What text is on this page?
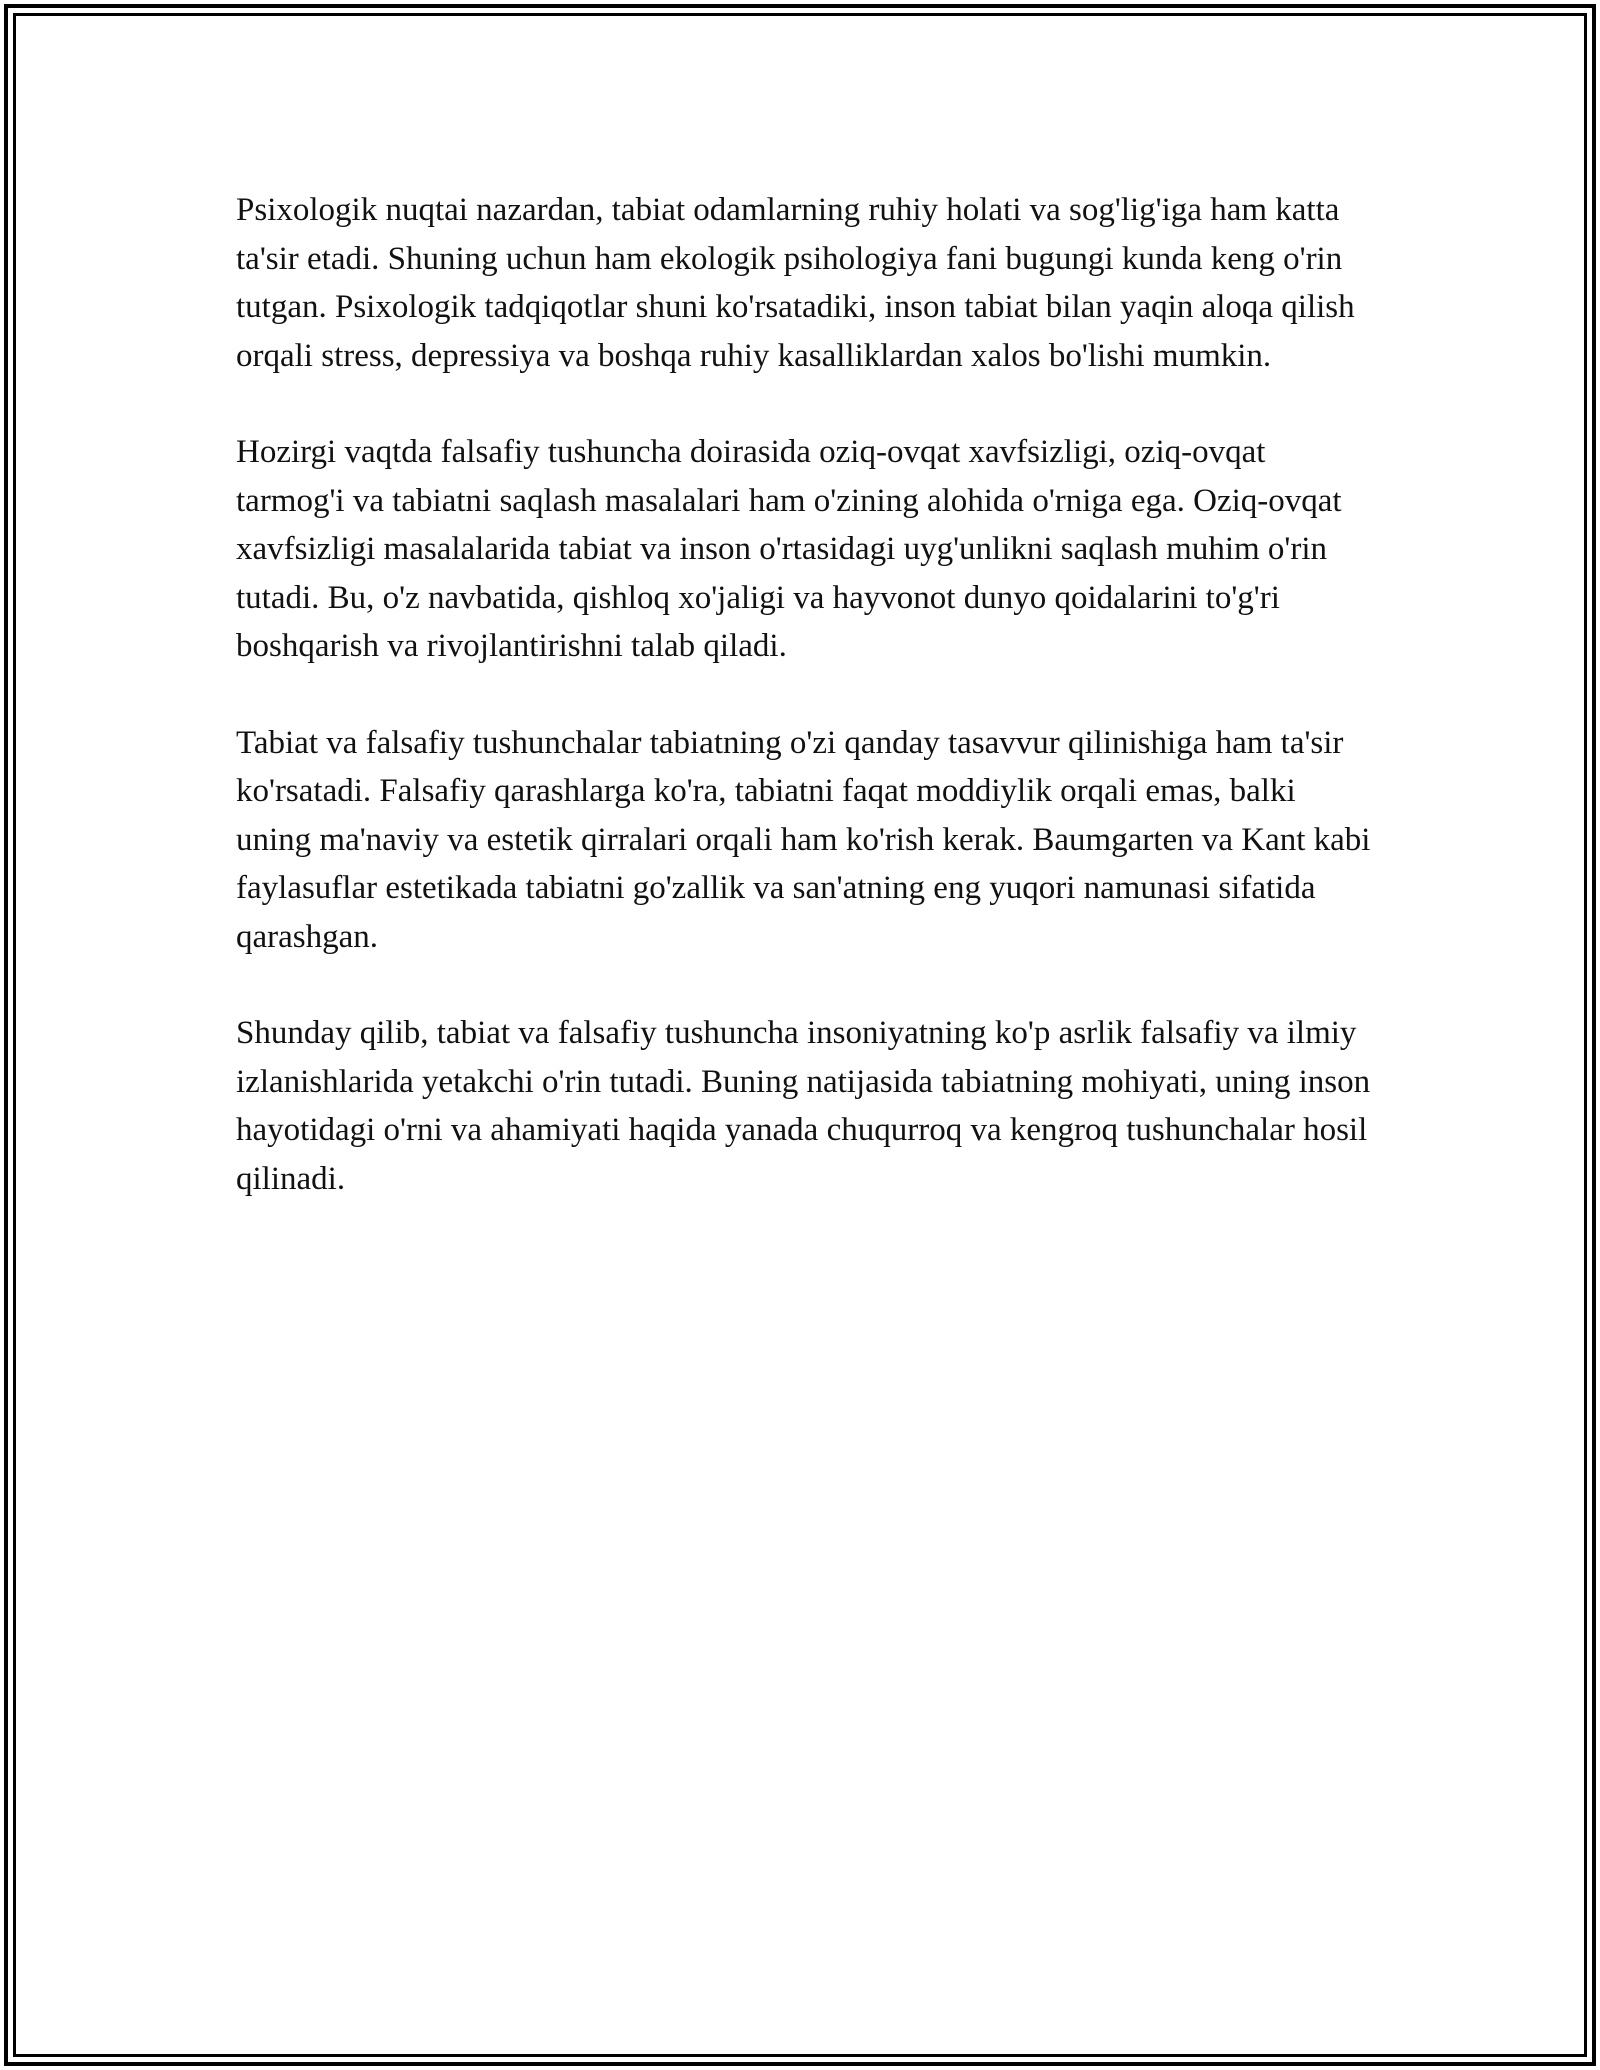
Psixologik nuqtai nazardan, tabiat odamlarning ruhiy holati va sog'lig'iga ham katta ta'sir etadi. Shuning uchun ham ekologik psihologiya fani bugungi kunda keng o'rin tutgan. Psixologik tadqiqotlar shuni ko'rsatadiki, inson tabiat bilan yaqin aloqa qilish orqali stress, depressiya va boshqa ruhiy kasalliklardan xalos bo'lishi mumkin.

Hozirgi vaqtda falsafiy tushuncha doirasida oziq-ovqat xavfsizligi, oziq-ovqat tarmog'i va tabiatni saqlash masalalari ham o'zining alohida o'rniga ega. Oziq-ovqat xavfsizligi masalalarida tabiat va inson o'rtasidagi uyg'unlikni saqlash muhim o'rin tutadi. Bu, o'z navbatida, qishloq xo'jaligi va hayvonot dunyo qoidalarini to'g'ri boshqarish va rivojlantirishni talab qiladi.

Tabiat va falsafiy tushunchalar tabiatning o'zi qanday tasavvur qilinishiga ham ta'sir ko'rsatadi. Falsafiy qarashlarga ko'ra, tabiatni faqat moddiylik orqali emas, balki uning ma'naviy va estetik qirralari orqali ham ko'rish kerak. Baumgarten va Kant kabi faylasuflar estetikada tabiatni go'zallik va san'atning eng yuqori namunasi sifatida qarashgan.

Shunday qilib, tabiat va falsafiy tushuncha insoniyatning ko'p asrlik falsafiy va ilmiy izlanishlarida yetakchi o'rin tutadi. Buning natijasida tabiatning mohiyati, uning inson hayotidagi o'rni va ahamiyati haqida yanada chuqurroq va kengroq tushunchalar hosil qilinadi.
